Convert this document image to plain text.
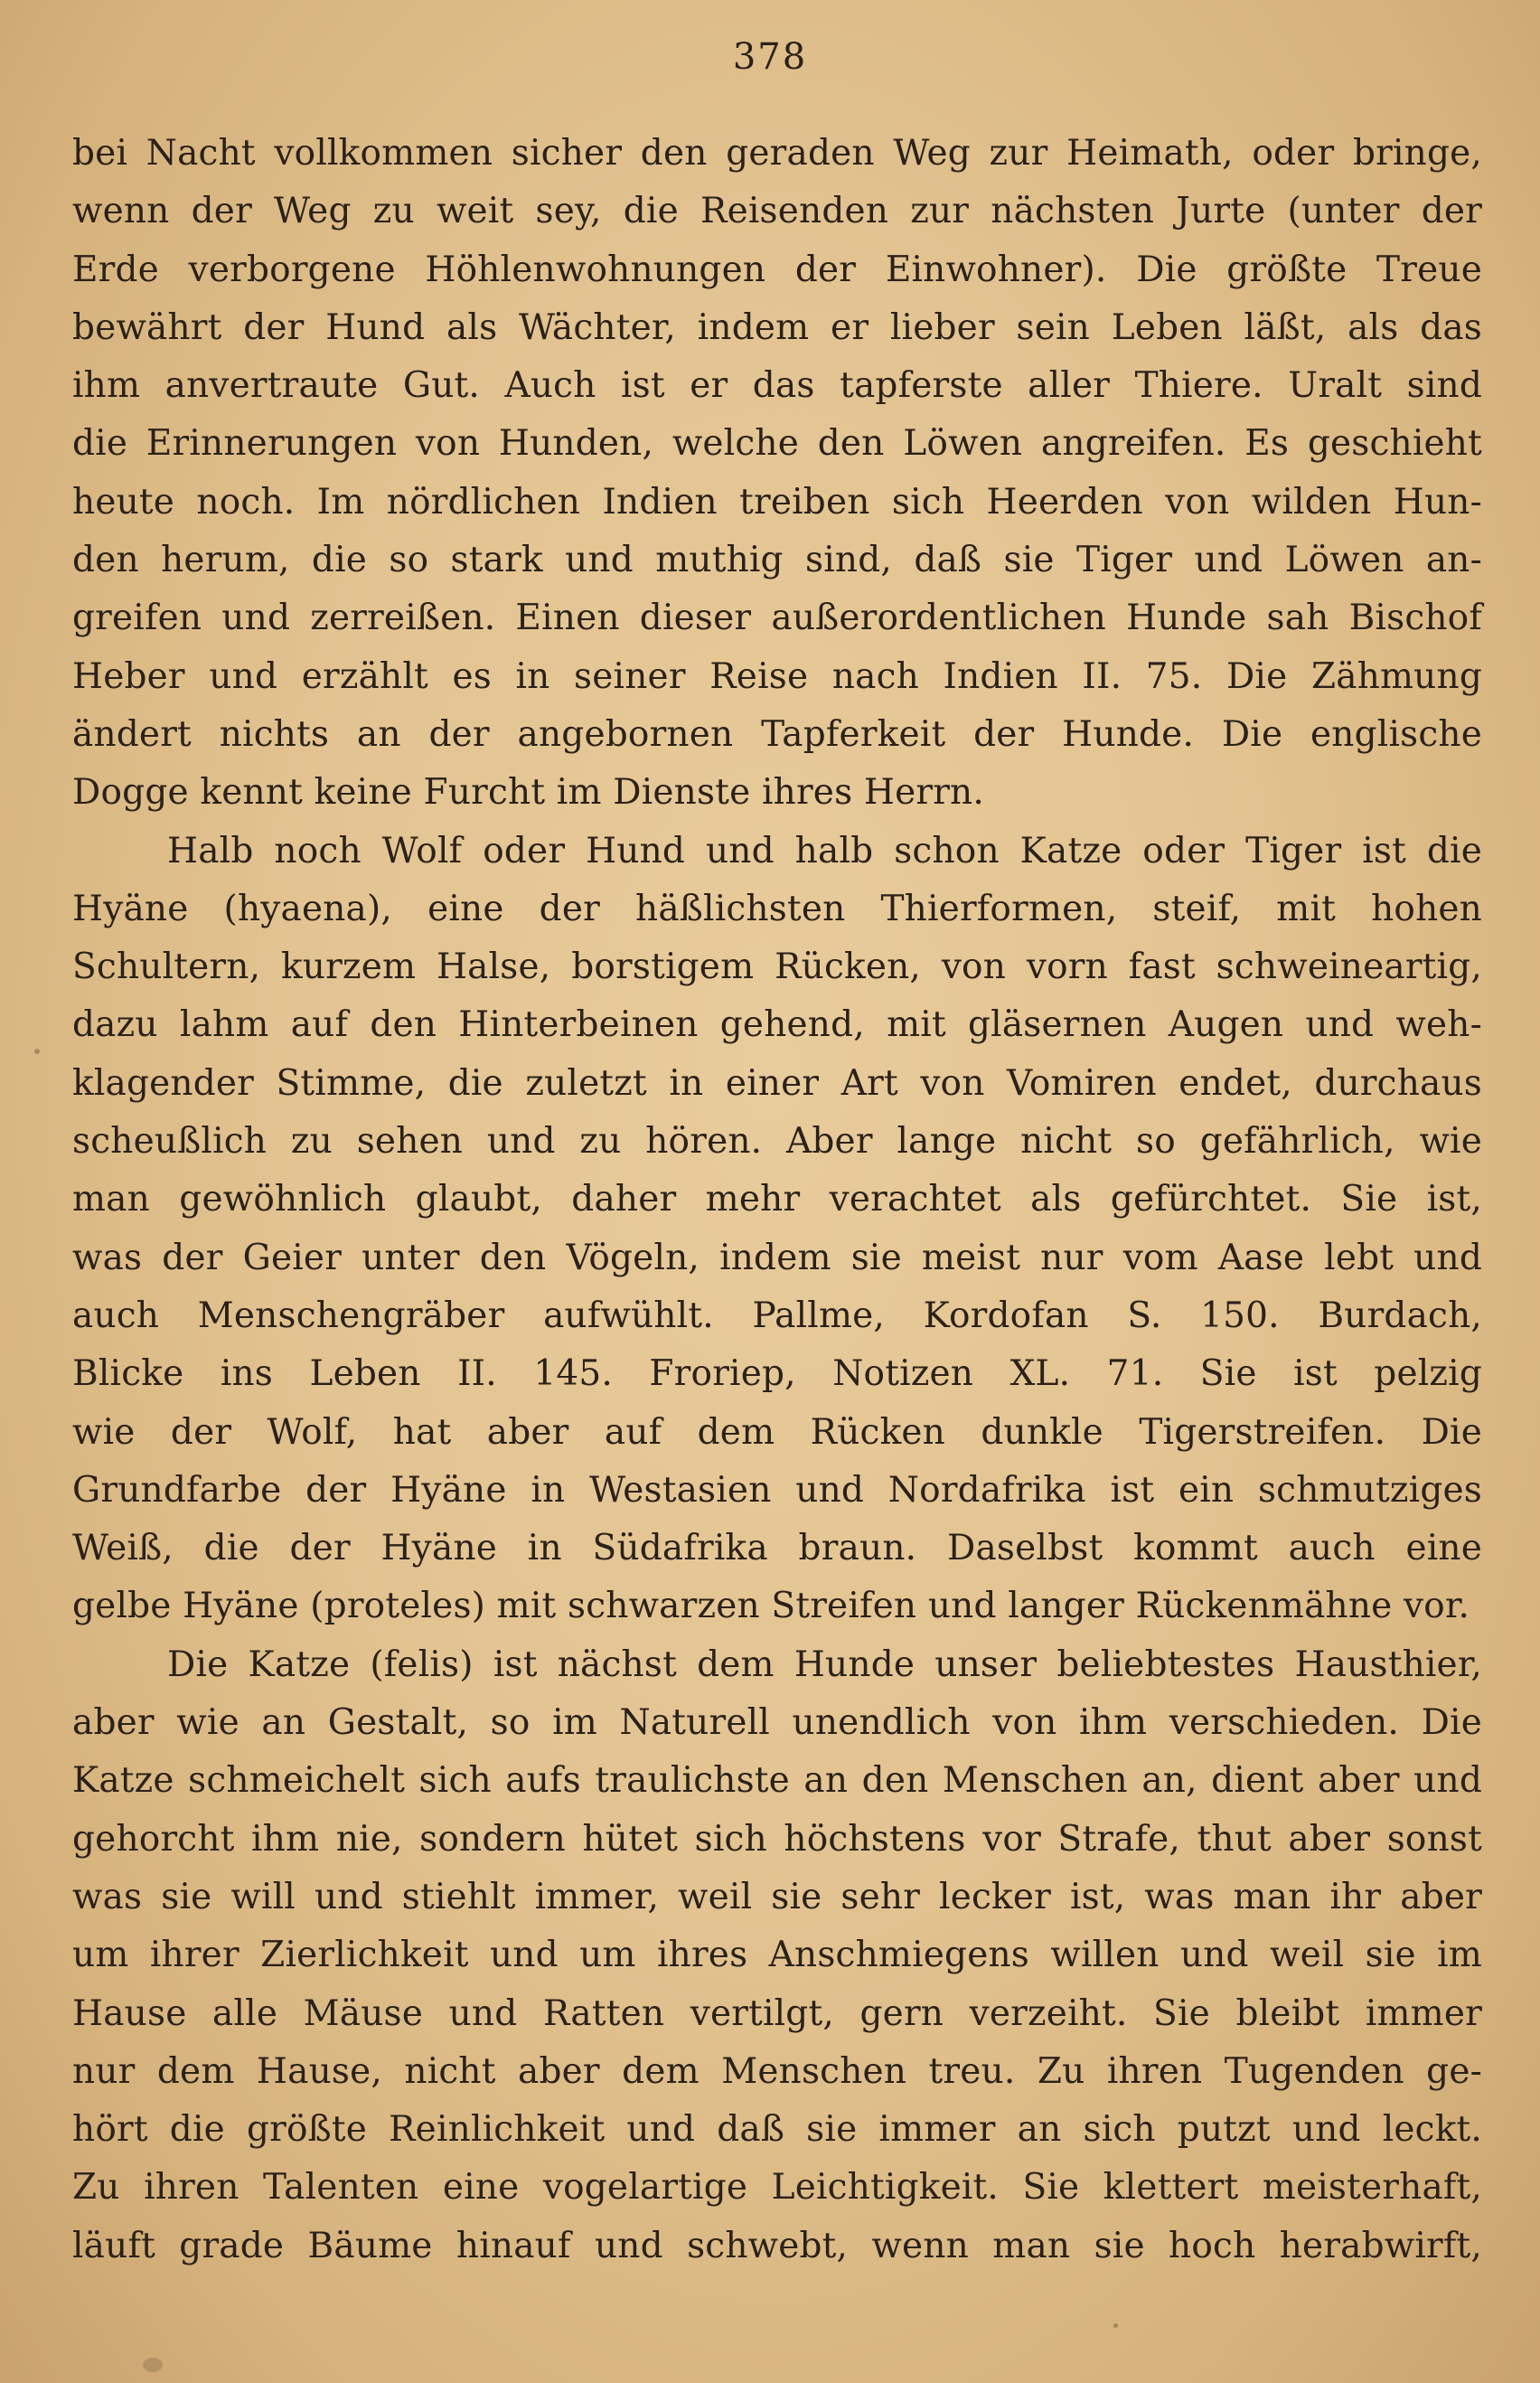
378
bei Nacht vollkommen sicher den geraden Weg zur Heimath, oder bringe,
wenn der Weg zu weit sey, die Reisenden zur nächsten Jurte (unter der
Erde verborgene Höhlenwohnungen der Einwohner). Die größte Treue
bewährt der Hund als Wächter, indem er lieber sein Leben läßt, als das
ihm anvertraute Gut. Auch ist er das tapferste aller Thiere. Uralt sind
die Erinnerungen von Hunden, welche den Löwen angreifen. Es geschieht
heute noch. Im nördlichen Indien treiben sich Heerden von wilden Hun-
den herum, die so stark und muthig sind, daß sie Tiger und Löwen an-
greifen und zerreißen. Einen dieser außerordentlichen Hunde sah Bischof
Heber und erzählt es in seiner Reise nach Indien II. 75. Die Zähmung
ändert nichts an der angebornen Tapferkeit der Hunde. Die englische
Dogge kennt keine Furcht im Dienste ihres Herrn.
Halb noch Wolf oder Hund und halb schon Katze oder Tiger ist die
Hyäne (hyaena), eine der häßlichsten Thierformen, steif, mit hohen
Schultern, kurzem Halse, borstigem Rücken, von vorn fast schweineartig,
dazu lahm auf den Hinterbeinen gehend, mit gläsernen Augen und weh-
klagender Stimme, die zuletzt in einer Art von Vomiren endet, durchaus
scheußlich zu sehen und zu hören. Aber lange nicht so gefährlich, wie
man gewöhnlich glaubt, daher mehr verachtet als gefürchtet. Sie ist,
was der Geier unter den Vögeln, indem sie meist nur vom Aase lebt und
auch Menschengräber aufwühlt. Pallme, Kordofan S. 150. Burdach,
Blicke ins Leben II. 145. Froriep, Notizen XL. 71. Sie ist pelzig
wie der Wolf, hat aber auf dem Rücken dunkle Tigerstreifen. Die
Grundfarbe der Hyäne in Westasien und Nordafrika ist ein schmutziges
Weiß, die der Hyäne in Südafrika braun. Daselbst kommt auch eine
gelbe Hyäne (proteles) mit schwarzen Streifen und langer Rückenmähne vor.
Die Katze (felis) ist nächst dem Hunde unser beliebtestes Hausthier,
aber wie an Gestalt, so im Naturell unendlich von ihm verschieden. Die
Katze schmeichelt sich aufs traulichste an den Menschen an, dient aber und
gehorcht ihm nie, sondern hütet sich höchstens vor Strafe, thut aber sonst
was sie will und stiehlt immer, weil sie sehr lecker ist, was man ihr aber
um ihrer Zierlichkeit und um ihres Anschmiegens willen und weil sie im
Hause alle Mäuse und Ratten vertilgt, gern verzeiht. Sie bleibt immer
nur dem Hause, nicht aber dem Menschen treu. Zu ihren Tugenden ge-
hört die größte Reinlichkeit und daß sie immer an sich putzt und leckt.
Zu ihren Talenten eine vogelartige Leichtigkeit. Sie klettert meisterhaft,
läuft grade Bäume hinauf und schwebt, wenn man sie hoch herabwirft,
